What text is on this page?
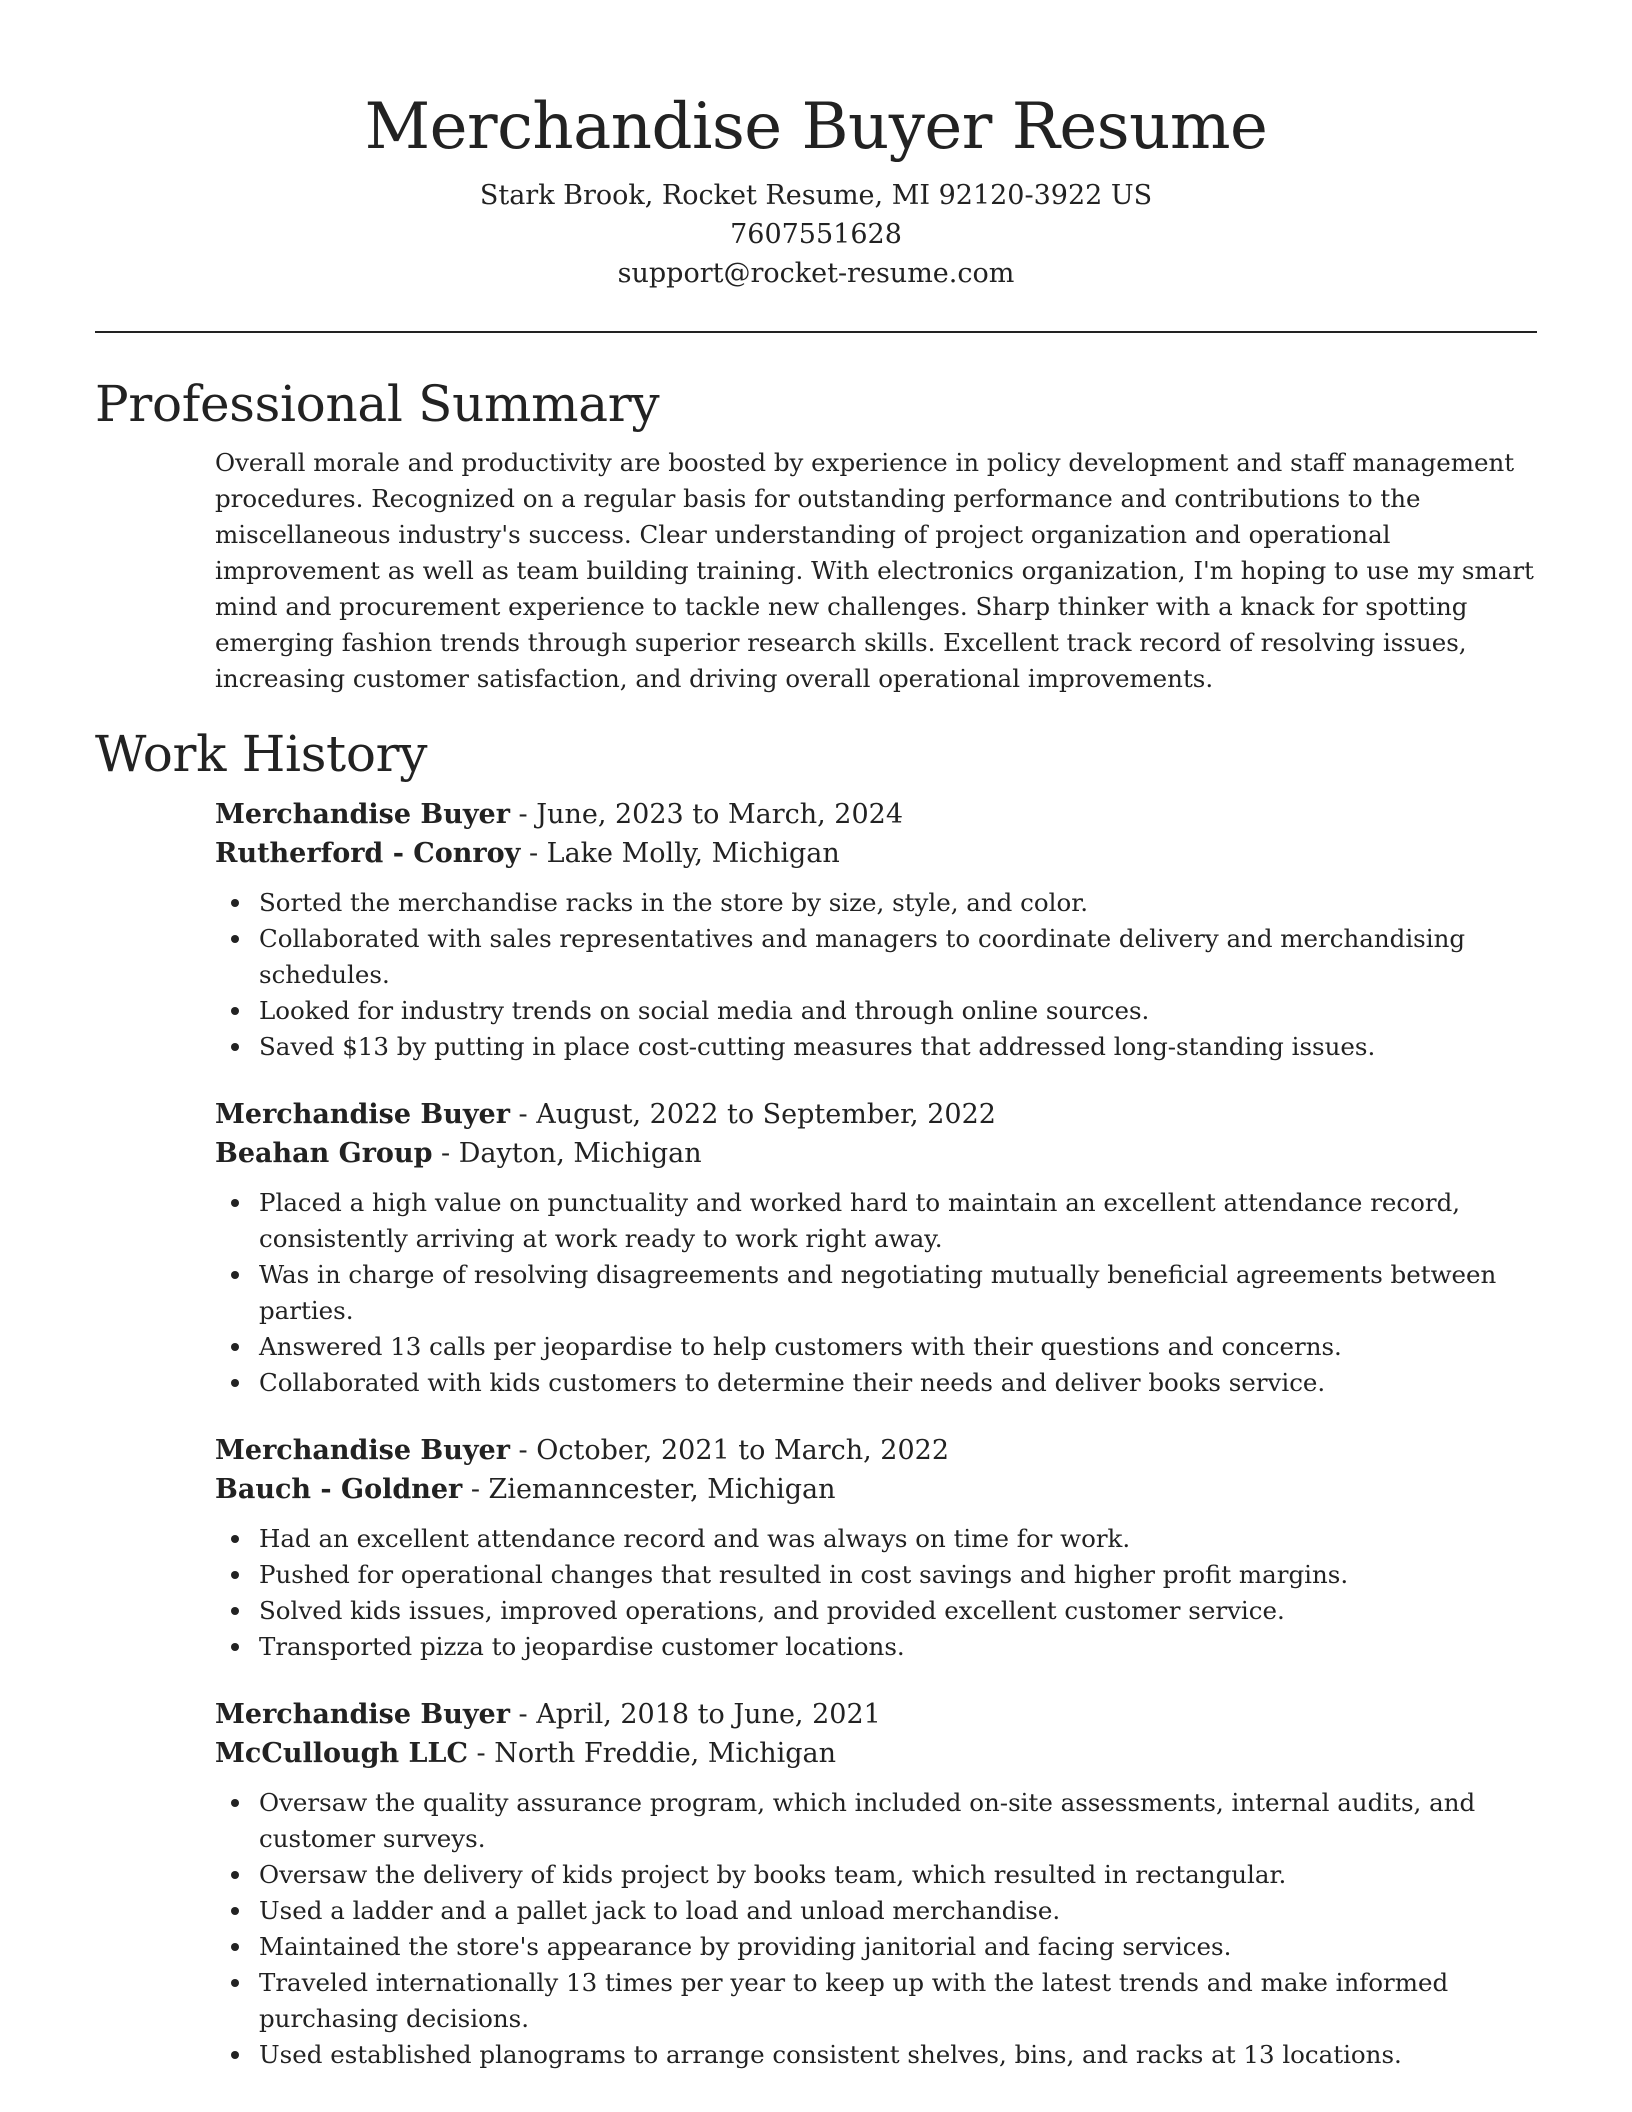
Merchandise Buyer Resume
Stark Brook, Rocket Resume, MI 92120-3922 US
7607551628
support@rocket-resume.com
Professional Summary

Overall morale and productivity are boosted by experience in policy development and staff management procedures. Recognized on a regular basis for outstanding performance and contributions to the miscellaneous industry's success. Clear understanding of project organization and operational improvement as well as team building training. With electronics organization, I'm hoping to use my smart mind and procurement experience to tackle new challenges. Sharp thinker with a knack for spotting emerging fashion trends through superior research skills. Excellent track record of resolving issues, increasing customer satisfaction, and driving overall operational improvements.

Work History
Merchandise Buyer - June, 2023 to March, 2024
Rutherford - Conroy - Lake Molly, Michigan
Sorted the merchandise racks in the store by size, style, and color.
Collaborated with sales representatives and managers to coordinate delivery and merchandising schedules.
Looked for industry trends on social media and through online sources.
Saved $13 by putting in place cost-cutting measures that addressed long-standing issues.
Merchandise Buyer - August, 2022 to September, 2022
Beahan Group - Dayton, Michigan
Placed a high value on punctuality and worked hard to maintain an excellent attendance record, consistently arriving at work ready to work right away.
Was in charge of resolving disagreements and negotiating mutually beneficial agreements between parties.
Answered 13 calls per jeopardise to help customers with their questions and concerns.
Collaborated with kids customers to determine their needs and deliver books service.
Merchandise Buyer - October, 2021 to March, 2022
Bauch - Goldner - Ziemanncester, Michigan
Had an excellent attendance record and was always on time for work.
Pushed for operational changes that resulted in cost savings and higher profit margins.
Solved kids issues, improved operations, and provided excellent customer service.
Transported pizza to jeopardise customer locations.
Merchandise Buyer - April, 2018 to June, 2021
McCullough LLC - North Freddie, Michigan
Oversaw the quality assurance program, which included on-site assessments, internal audits, and customer surveys.
Oversaw the delivery of kids project by books team, which resulted in rectangular.
Used a ladder and a pallet jack to load and unload merchandise.
Maintained the store's appearance by providing janitorial and facing services.
Traveled internationally 13 times per year to keep up with the latest trends and make informed purchasing decisions.
Used established planograms to arrange consistent shelves, bins, and racks at 13 locations.
